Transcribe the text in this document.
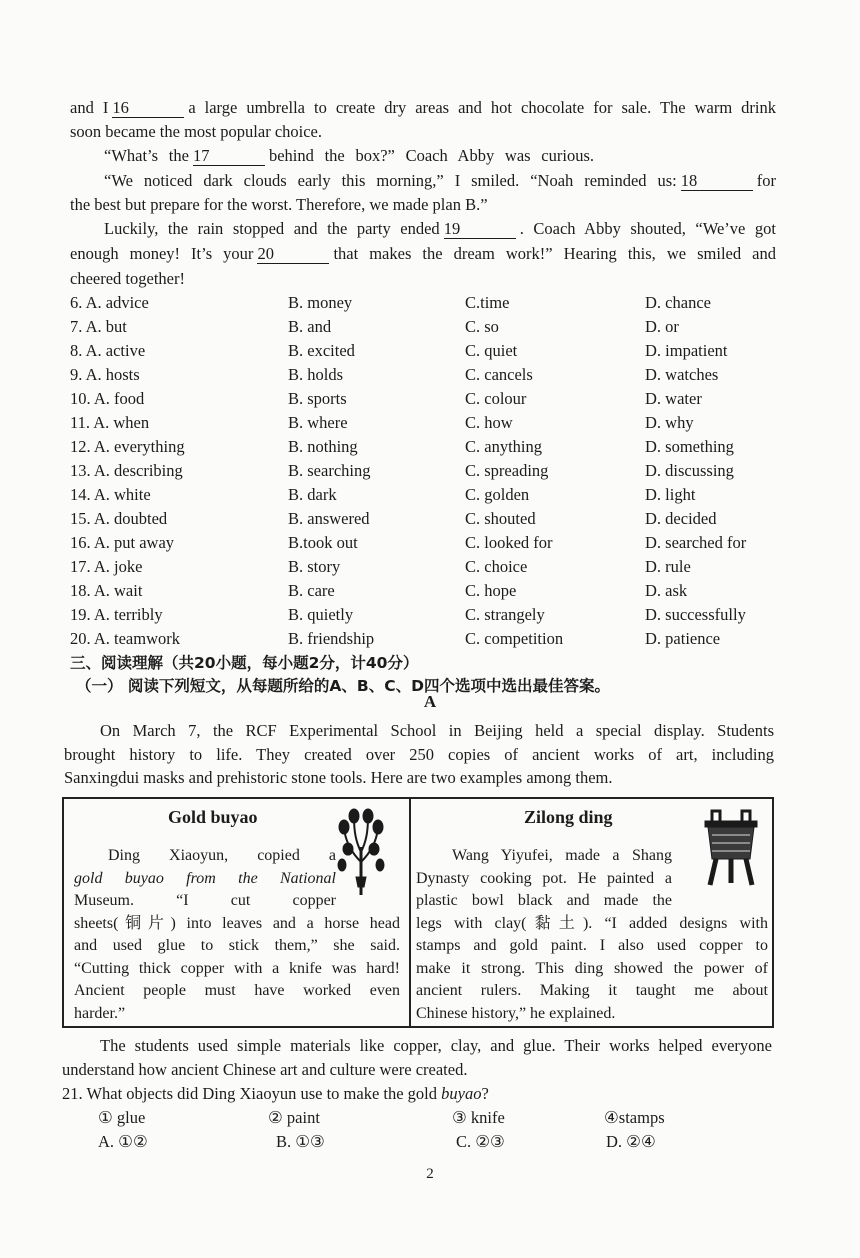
and I 16	a large umbrella to create dry areas and hot chocolate for sale. The warm drink
soon became the most popular choice.
“What’s the 17	behind the box?” Coach Abby was curious.
“We noticed dark clouds early this morning,” I smiled. “Noah reminded us: 18	for
the best but prepare for the worst. Therefore, we made plan B.”
Luckily, the rain stopped and the party ended 19	. Coach Abby shouted, “We’ve got
enough money! It’s your 20	that makes the dream work!” Hearing this, we smiled and
cheered together!
6. A. advice	B. money	C.time	D. chance
7. A. but	B. and	C. so	D. or
8. A. active	B. excited	C. quiet	D. impatient
9. A. hosts	B. holds	C. cancels	D. watches
10. A. food	B. sports	C. colour	D. water
11. A. when	B. where	C. how	D. why
12. A. everything	B. nothing	C. anything	D. something
13. A. describing	B. searching	C. spreading	D. discussing
14. A. white	B. dark	C. golden	D. light
15. A. doubted	B. answered	C. shouted	D. decided
16. A. put away	B.took out	C. looked for	D. searched for
17. A. joke	B. story	C. choice	D. rule
18. A. wait	B. care	C. hope	D. ask
19. A. terribly	B. quietly	C. strangely	D. successfully
20. A. teamwork	B. friendship	C. competition	D. patience
三、阅读理解（共20小题，每小题2分，计40分）
（一） 阅读下列短文，从每题所给的A、B、C、D四个选项中选出最佳答案。
A
On March 7, the RCF Experimental School in Beijing held a special display. Students
brought history to life. They created over 250 copies of ancient works of art, including
Sanxingdui masks and prehistoric stone tools. Here are two examples among them.
Gold buyao
Ding Xiaoyun, copied a
gold buyao from the National
Museum. “I cut copper
sheets(铜片) into leaves and a horse head
and used glue to stick them,” she said.
“Cutting thick copper with a knife was hard!
Ancient people must have worked even
harder.”
Zilong ding
Wang Yiyufei, made a Shang
Dynasty cooking pot. He painted a
plastic bowl black and made the
legs with clay(黏土). “I added designs with
stamps and gold paint. I also used copper to
make it strong. This ding showed the power of
ancient rulers. Making it taught me about
Chinese history,” he explained.
The students used simple materials like copper, clay, and glue. Their works helped everyone
understand how ancient Chinese art and culture were created.
21. What objects did Ding Xiaoyun use to make the gold buyao?
① glue	② paint	③ knife	④stamps
A. ①②	B. ①③	C. ②③	D. ②④
2
